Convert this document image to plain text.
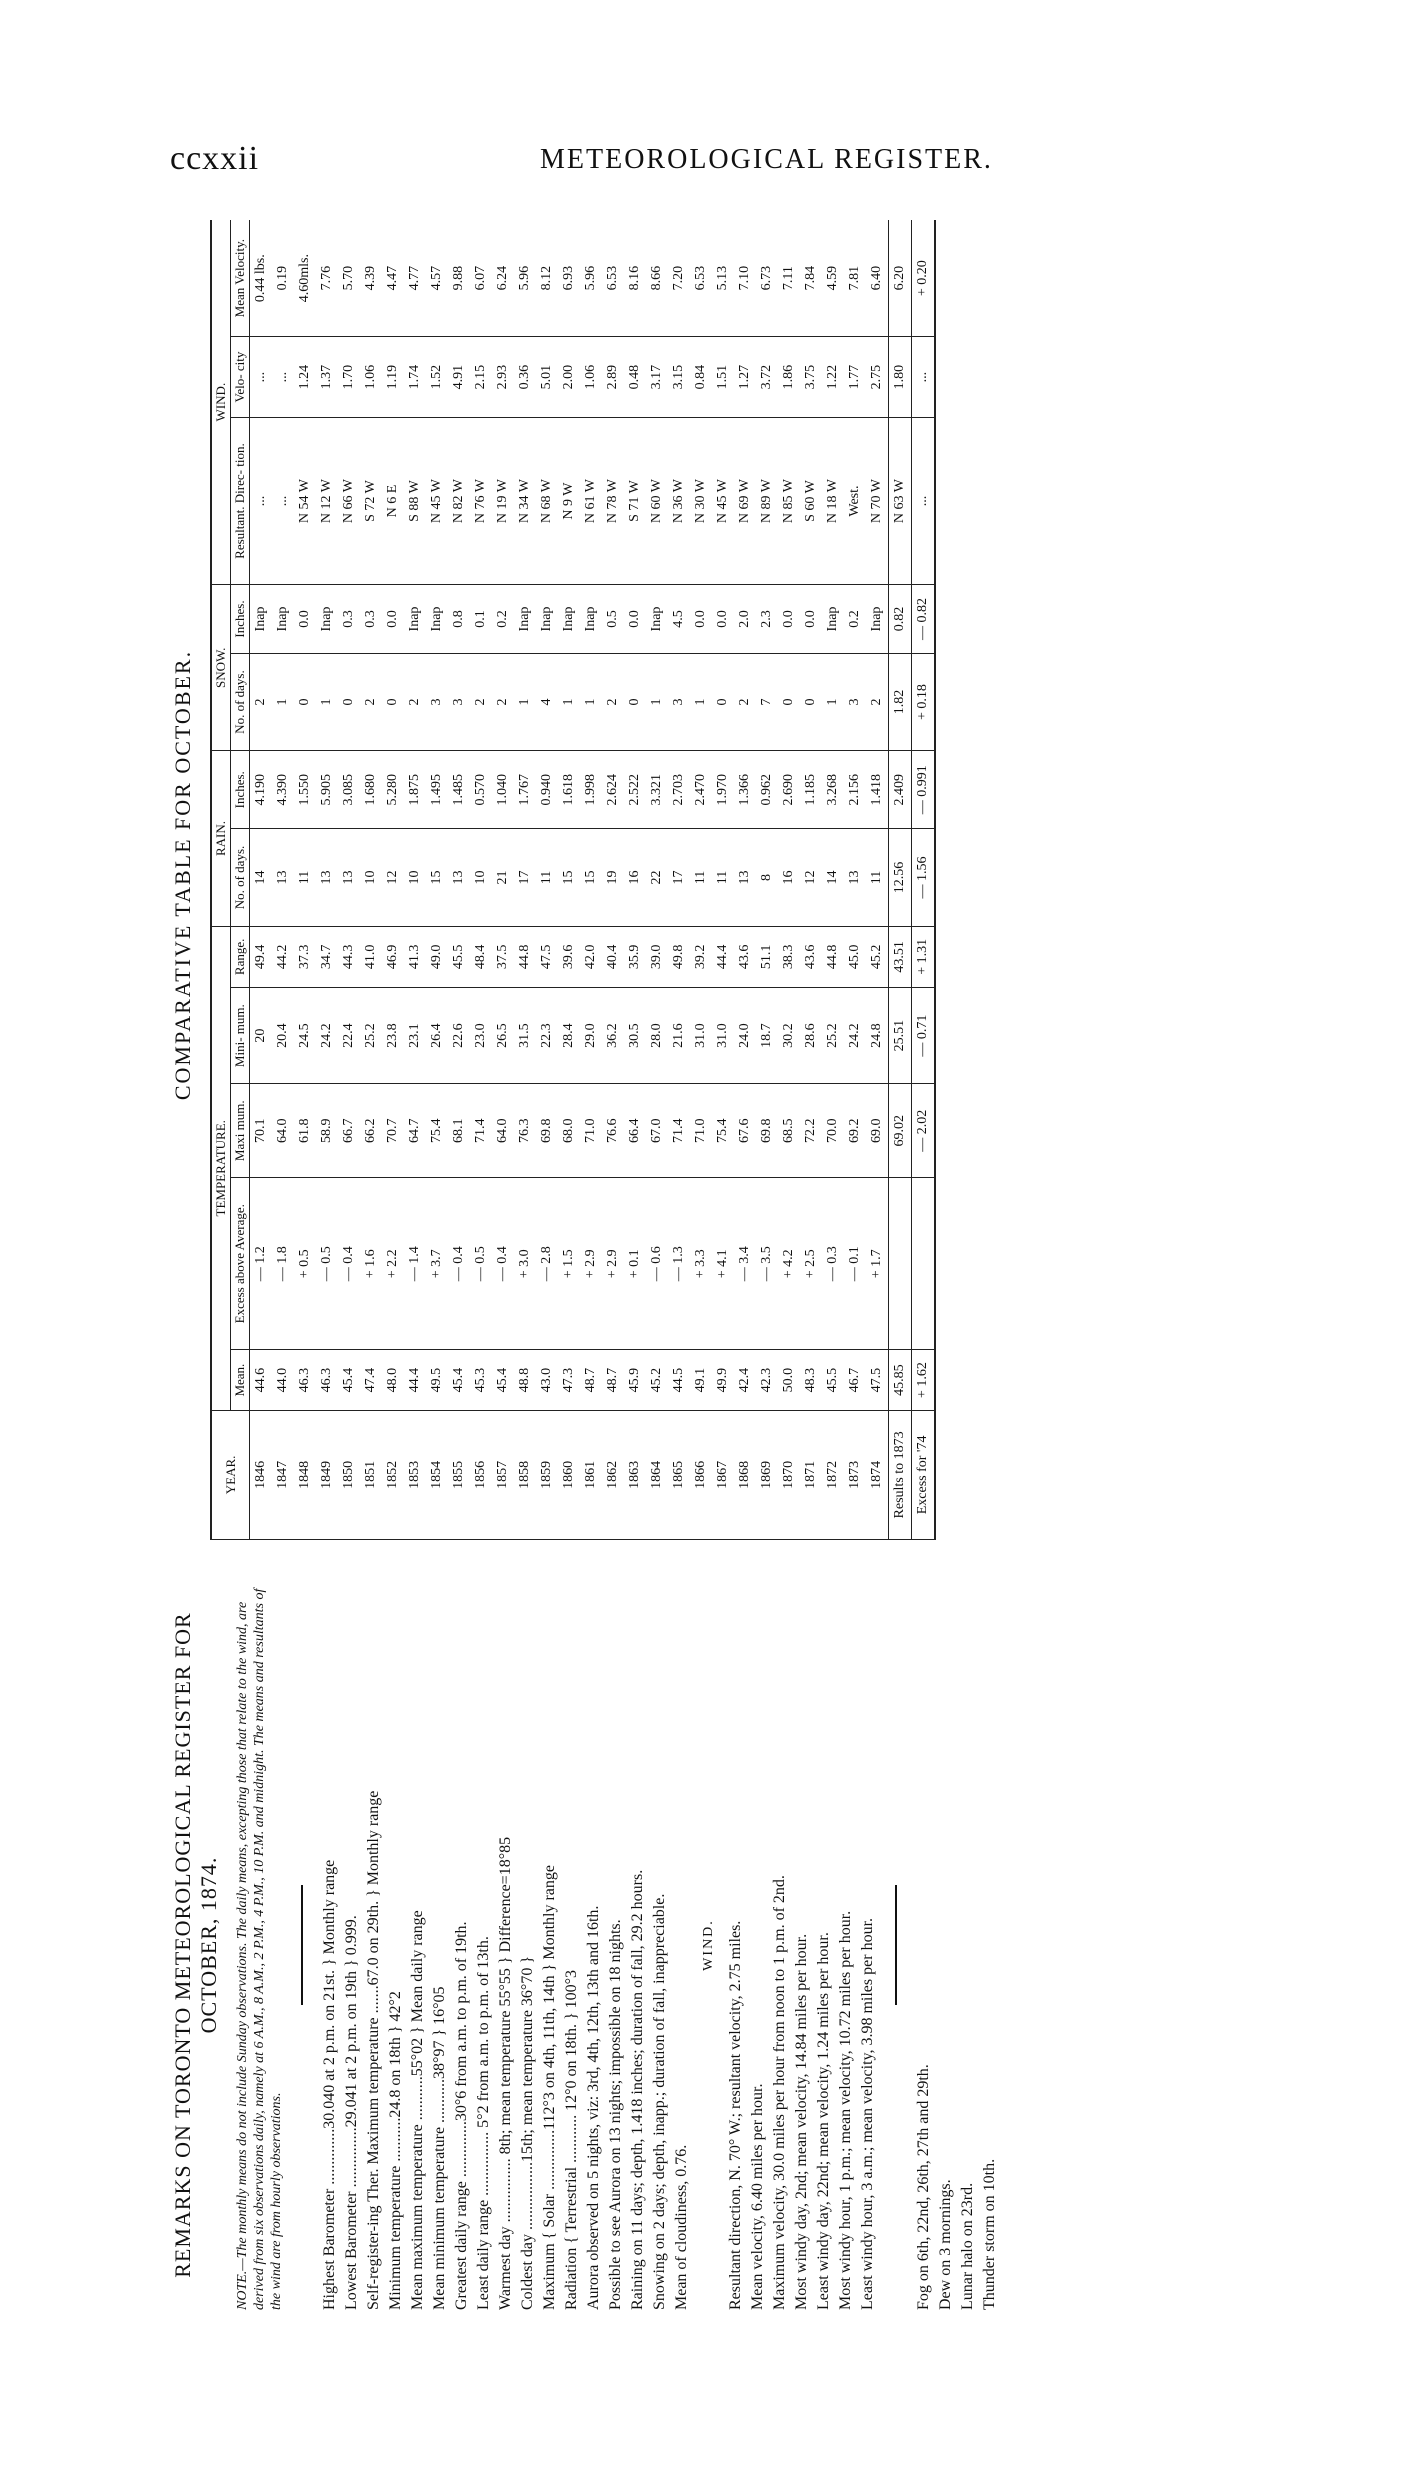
ccxxii	METEOROLOGICAL REGISTER.
REMARKS ON TORONTO METEOROLOGICAL REGISTER FOR OCTOBER, 1874. NOTE.—The monthly means do not include Sunday observations. The daily means, excepting those that relate to the wind, are derived from six observations daily, namely at 6 A.M., 8 A.M., 2 P.M., 4 P.M., 10 P.M. and midnight. The means and resultants of the wind are from hourly observations. Highest Barometer ..............30.040 at 2 p.m. on 21st. } Monthly range Lowest Barometer ...............29.041 at 2 p.m. on 19th } 0.999. Self-register-ing Ther. Maximum temperature .......67.0 on 29th. } Monthly range Minimum temperature ...........24.8 on 18th } 42°2 Mean maximum temperature ...........55°02 } Mean daily range Mean minimum temperature ...........38°97 } 16°05 Greatest daily range ..............30°6 from a.m. to p.m. of 19th. Least daily range ................ 5°2 from a.m. to p.m. of 13th. Warmest day ................ 8th; mean temperature 55°55 } Difference=18°85 Coldest day .................15th; mean temperature 36°70 } Maximum { Solar ...............112°3 on 4th, 11th, 14th } Monthly range Radiation { Terrestrial ............ 12°0 on 18th. } 100°3 Aurora observed on 5 nights, viz: 3rd, 4th, 12th, 13th and 16th. Possible to see Aurora on 13 nights; impossible on 18 nights. Raining on 11 days; depth, 1.418 inches; duration of fall, 29.2 hours. Snowing on 2 days; depth, inapp.; duration of fall, inappreciable. Mean of cloudiness, 0.76.
WIND. Resultant direction, N. 70° W.; resultant velocity, 2.75 miles. Mean velocity, 6.40 miles per hour. Maximum velocity, 30.0 miles per hour from noon to 1 p.m. of 2nd. Most windy day, 2nd; mean velocity, 14.84 miles per hour. Least windy day, 22nd; mean velocity, 1.24 miles per hour. Most windy hour, 1 p.m.; mean velocity, 10.72 miles per hour. Least windy hour, 3 a.m.; mean velocity, 3.98 miles per hour. Fog on 6th, 22nd, 26th, 27th and 29th. Dew on 3 mornings. Lunar halo on 23rd. Thunder storm on 10th.
COMPARATIVE TABLE FOR OCTOBER.
YEAR.	TEMPERATURE.					RAIN.		SNOW.		WIND.		
	Mean.	Excess above Average.	Maxi mum.	Mini- mum.	Range.	No. of days.	Inches.	No. of days.	Inches.	Resultant. Direc- tion.	Velo- city	Mean Velocity.
1846	44.6	— 1.2	70.1	20	49.4	14	4.190	2	Inap	...	...	0.44 lbs.
1847	44.0	— 1.8	64.0	20.4	44.2	13	4.390	1	Inap	...	...	0.19
1848	46.3	+ 0.5	61.8	24.5	37.3	11	1.550	0	0.0	N 54 W	1.24	4.60mls.
1849	46.3	— 0.5	58.9	24.2	34.7	13	5.905	1	Inap	N 12 W	1.37	7.76
1850	45.4	— 0.4	66.7	22.4	44.3	13	3.085	0	0.3	N 66 W	1.70	5.70
1851	47.4	+ 1.6	66.2	25.2	41.0	10	1.680	2	0.3	S 72 W	1.06	4.39
1852	48.0	+ 2.2	70.7	23.8	46.9	12	5.280	0	0.0	N 6 E	1.19	4.47
1853	44.4	— 1.4	64.7	23.1	41.3	10	1.875	2	Inap	S 88 W	1.74	4.77
1854	49.5	+ 3.7	75.4	26.4	49.0	15	1.495	3	Inap	N 45 W	1.52	4.57
1855	45.4	— 0.4	68.1	22.6	45.5	13	1.485	3	0.8	N 82 W	4.91	9.88
1856	45.3	— 0.5	71.4	23.0	48.4	10	0.570	2	0.1	N 76 W	2.15	6.07
1857	45.4	— 0.4	64.0	26.5	37.5	21	1.040	2	0.2	N 19 W	2.93	6.24
1858	48.8	+ 3.0	76.3	31.5	44.8	17	1.767	1	Inap	N 34 W	0.36	5.96
1859	43.0	— 2.8	69.8	22.3	47.5	11	0.940	4	Inap	N 68 W	5.01	8.12
1860	47.3	+ 1.5	68.0	28.4	39.6	15	1.618	1	Inap	N 9 W	2.00	6.93
1861	48.7	+ 2.9	71.0	29.0	42.0	15	1.998	1	Inap	N 61 W	1.06	5.96
1862	48.7	+ 2.9	76.6	36.2	40.4	19	2.624	2	0.5	N 78 W	2.89	6.53
1863	45.9	+ 0.1	66.4	30.5	35.9	16	2.522	0	0.0	S 71 W	0.48	8.16
1864	45.2	— 0.6	67.0	28.0	39.0	22	3.321	1	Inap	N 60 W	3.17	8.66
1865	44.5	— 1.3	71.4	21.6	49.8	17	2.703	3	4.5	N 36 W	3.15	7.20
1866	49.1	+ 3.3	71.0	31.0	39.2	11	2.470	1	0.0	N 30 W	0.84	6.53
1867	49.9	+ 4.1	75.4	31.0	44.4	11	1.970	0	0.0	N 45 W	1.51	5.13
1868	42.4	— 3.4	67.6	24.0	43.6	13	1.366	2	2.0	N 69 W	1.27	7.10
1869	42.3	— 3.5	69.8	18.7	51.1	8	0.962	7	2.3	N 89 W	3.72	6.73
1870	50.0	+ 4.2	68.5	30.2	38.3	16	2.690	0	0.0	N 85 W	1.86	7.11
1871	48.3	+ 2.5	72.2	28.6	43.6	12	1.185	0	0.0	S 60 W	3.75	7.84
1872	45.5	— 0.3	70.0	25.2	44.8	14	3.268	1	Inap	N 18 W	1.22	4.59
1873	46.7	— 0.1	69.2	24.2	45.0	13	2.156	3	0.2	West.	1.77	7.81
1874	47.5	+ 1.7	69.0	24.8	45.2	11	1.418	2	Inap	N 70 W	2.75	6.40
Results to 1873	45.85		69.02	25.51	43.51	12.56	2.409	1.82	0.82	N 63 W	1.80	6.20
Excess for '74	+ 1.62		— 2.02	— 0.71	+ 1.31	— 1.56	— 0.991	+ 0.18	— 0.82	...	...	+ 0.20
